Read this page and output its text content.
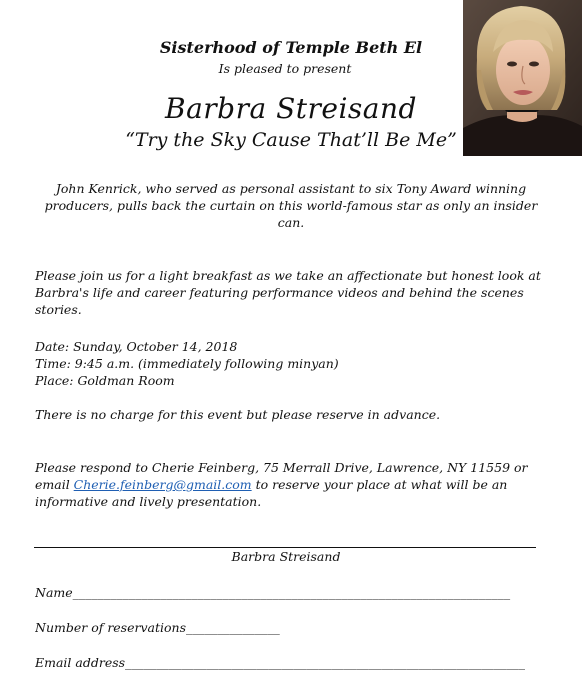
Sisterhood of Temple Beth El
Is pleased to present
Barbra Streisand
“Try the Sky Cause That’ll Be Me”
John Kenrick, who served as personal assistant to six Tony Award winning producers, pulls back the curtain on this world-famous star as only an insider can.

Please join us for a light breakfast as we take an affectionate but honest look at Barbra's life and career featuring performance videos and behind the scenes stories.

Date: Sunday, October 14, 2018

Time: 9:45 a.m. (immediately following minyan)

Place: Goldman Room

There is no charge for this event but please reserve in advance.

Please respond to Cherie Feinberg, 75 Merrall Drive, Lawrence, NY 11559 or email Cherie.feinberg@gmail.com to reserve your place at what will be an informative and lively presentation.

Barbra Streisand
Name______________________________________________________________________
Number of reservations_______________
Email address________________________________________________________________
